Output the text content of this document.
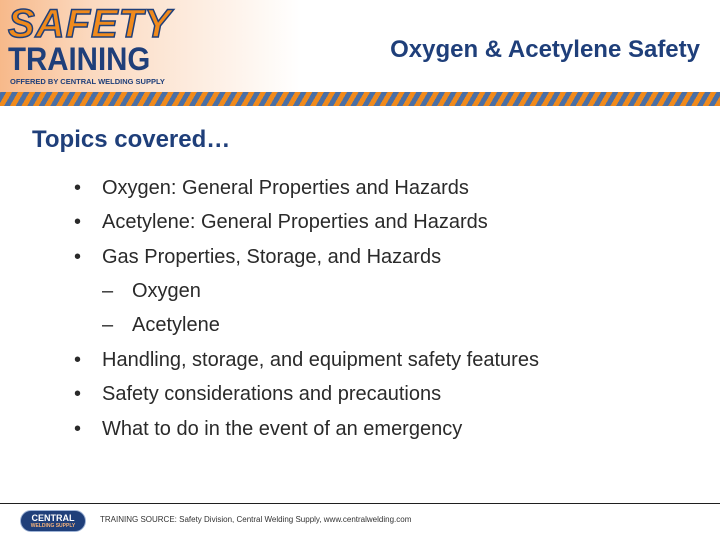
SAFETY
TRAINING
OFFERED BY CENTRAL WELDING SUPPLY
Oxygen & Acetylene Safety
Topics covered…
• Oxygen: General Properties and Hazards
• Acetylene: General Properties and Hazards
• Gas Properties, Storage, and Hazards
– Oxygen
– Acetylene
• Handling, storage, and equipment safety features
• Safety considerations and precautions
• What to do in the event of an emergency
CENTRAL
WELDING SUPPLY
TRAINING SOURCE: Safety Division, Central Welding Supply, www.centralwelding.com
